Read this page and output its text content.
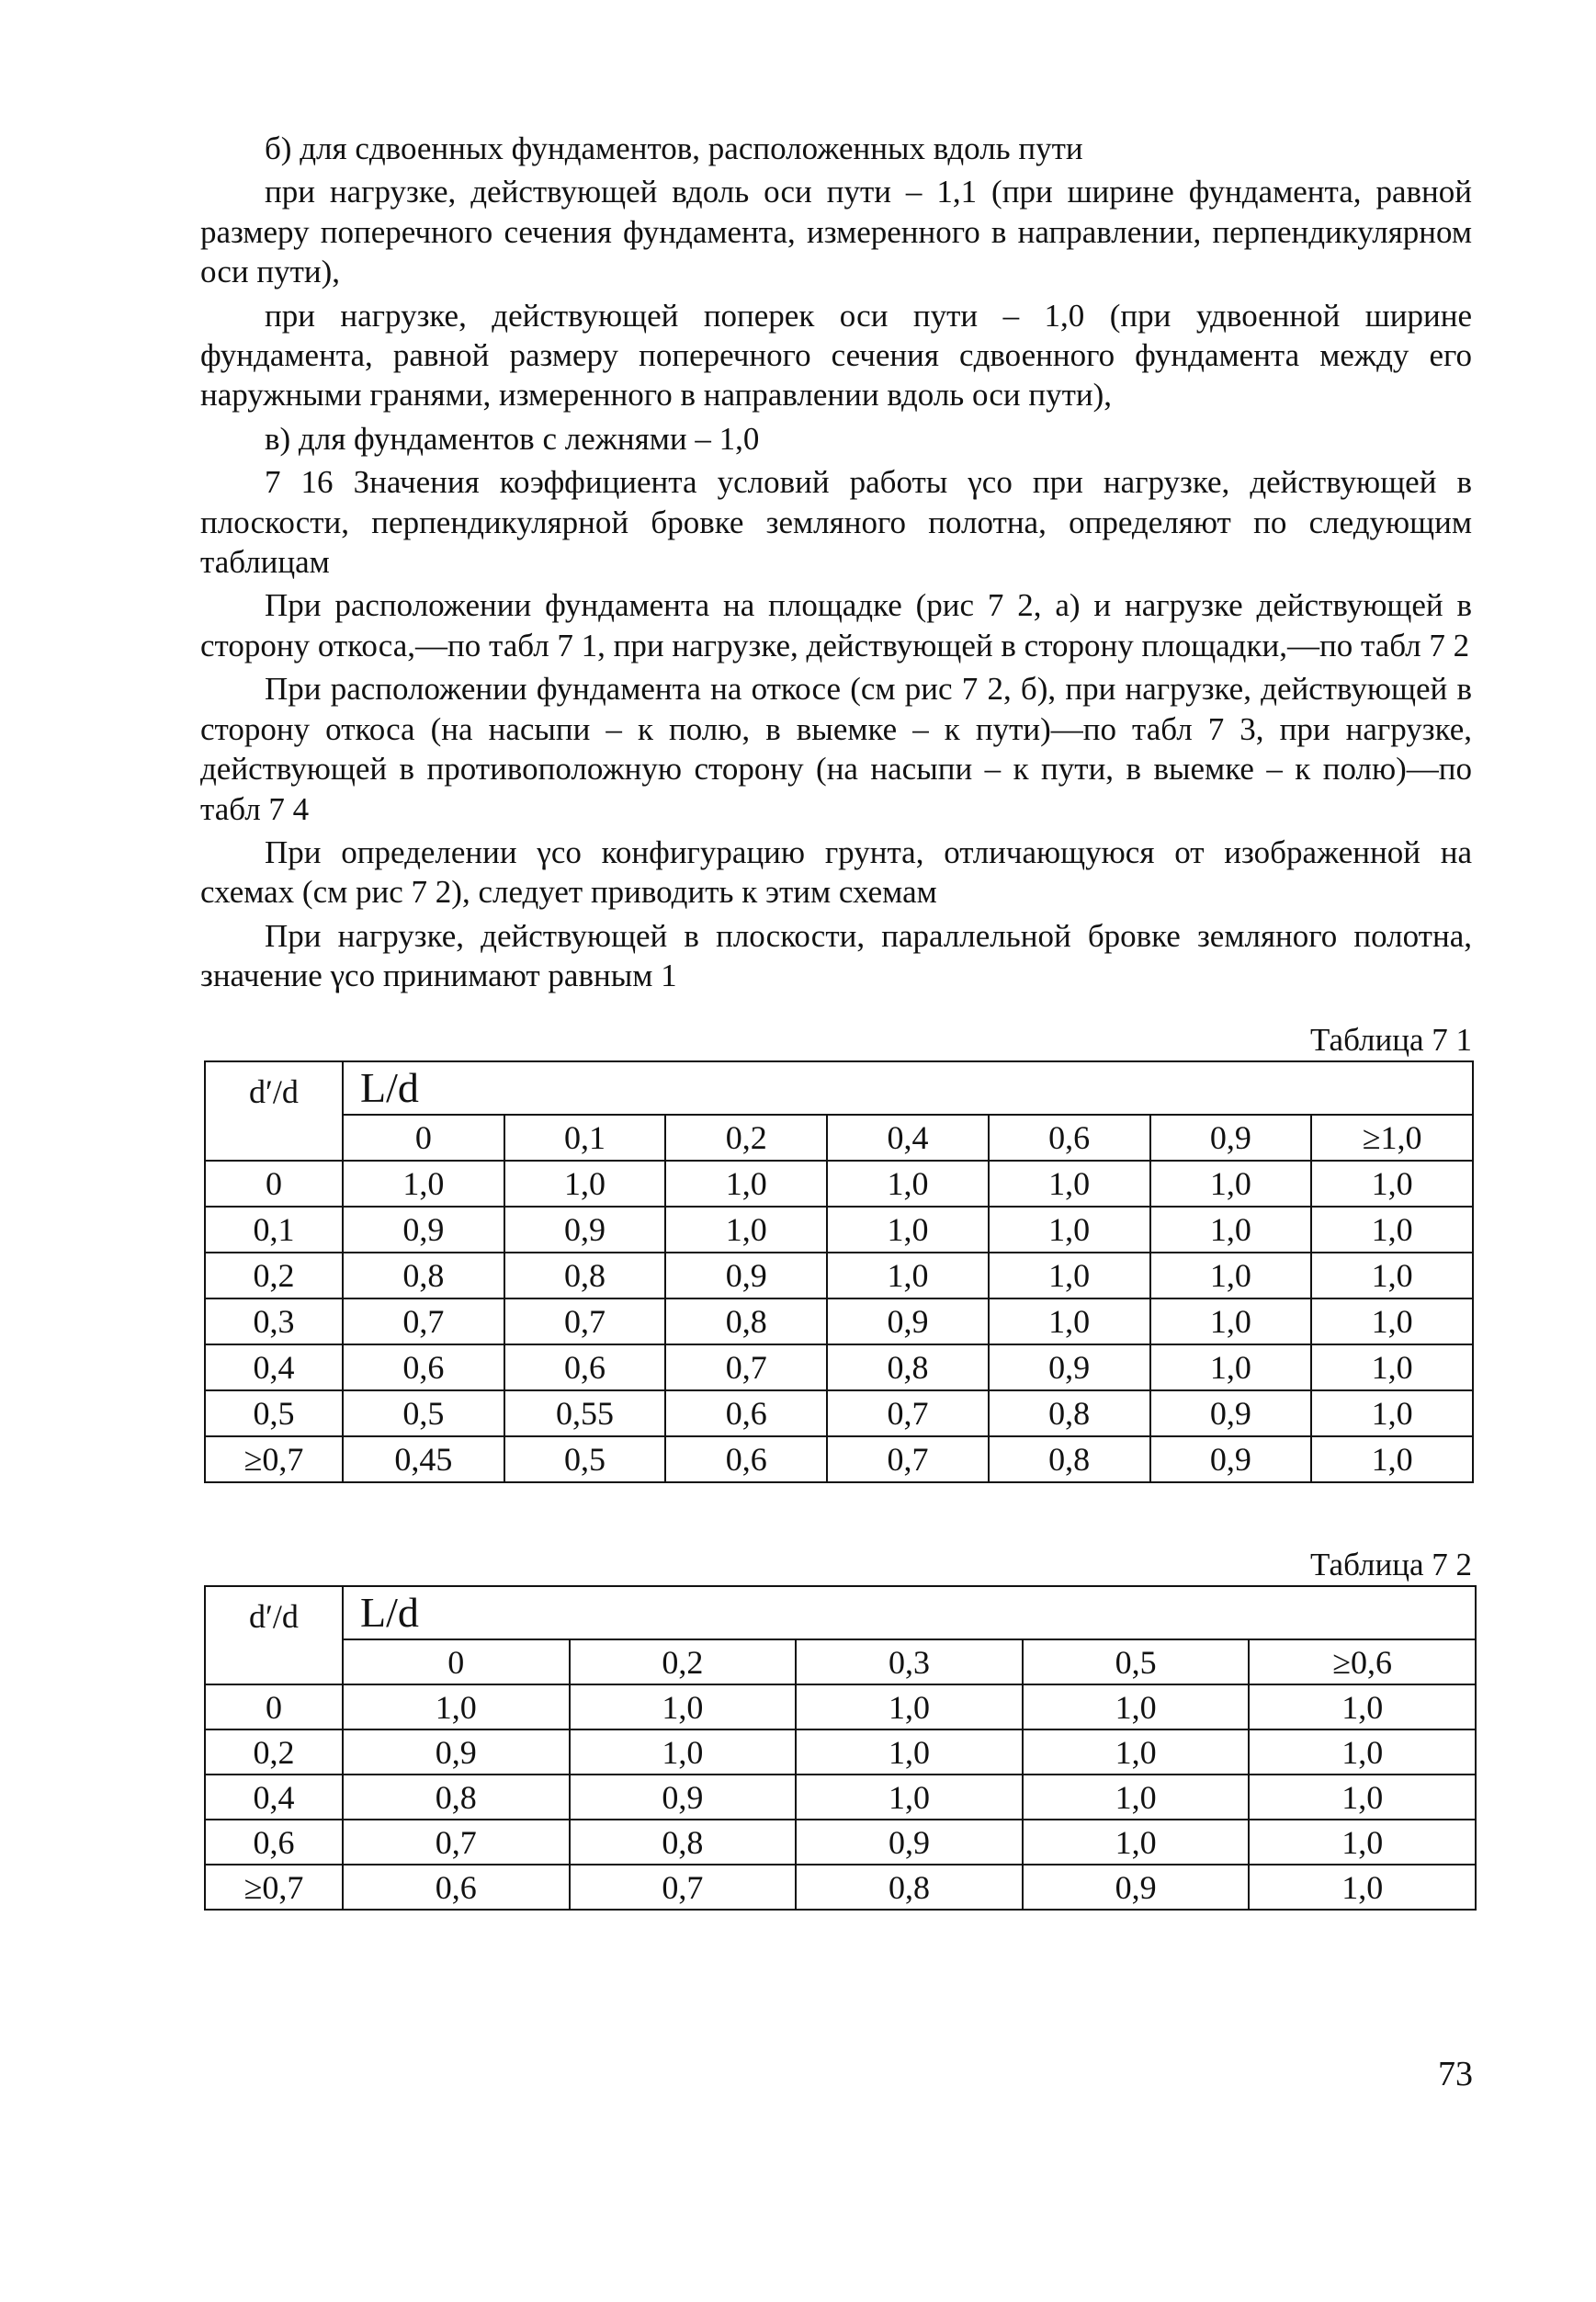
б) для сдвоенных фундаментов, расположенных вдоль пути

при нагрузке, действующей вдоль оси пути – 1,1 (при ширине фундамента, равной размеру поперечного сечения фундамента, измеренного в направлении, перпендикулярном оси пути),

при нагрузке, действующей поперек оси пути – 1,0 (при удвоенной ширине фундамента, равной размеру поперечного сечения сдвоенного фундамента между его наружными гранями, измеренного в направлении вдоль оси пути),

в) для фундаментов с лежнями – 1,0

7 16 Значения коэффициента условий работы γco при нагрузке, действующей в плоскости, перпендикулярной бровке земляного полотна, определяют по следующим таблицам

При расположении фундамента на площадке (рис 7 2, а) и нагрузке действующей в сторону откоса,—по табл 7 1, при нагрузке, действующей в сторону площадки,—по табл 7 2

При расположении фундамента на откосе (см рис 7 2, б), при нагрузке, действующей в сторону откоса (на насыпи – к полю, в выемке – к пути)—по табл 7 3, при нагрузке, действующей в противоположную сторону (на насыпи – к пути, в выемке – к полю)—по табл 7 4

При определении γco конфигурацию грунта, отличающуюся от изображенной на схемах (см рис 7 2), следует приводить к этим схемам

При нагрузке, действующей в плоскости, параллельной бровке земляного полотна, значение γco принимают равным 1

Таблица 7 1
d′/d	L/d						
	0	0,1	0,2	0,4	0,6	0,9	≥1,0
0	1,0	1,0	1,0	1,0	1,0	1,0	1,0
0,1	0,9	0,9	1,0	1,0	1,0	1,0	1,0
0,2	0,8	0,8	0,9	1,0	1,0	1,0	1,0
0,3	0,7	0,7	0,8	0,9	1,0	1,0	1,0
0,4	0,6	0,6	0,7	0,8	0,9	1,0	1,0
0,5	0,5	0,55	0,6	0,7	0,8	0,9	1,0
≥0,7	0,45	0,5	0,6	0,7	0,8	0,9	1,0
Таблица 7 2
d′/d	L/d				
	0	0,2	0,3	0,5	≥0,6
0	1,0	1,0	1,0	1,0	1,0
0,2	0,9	1,0	1,0	1,0	1,0
0,4	0,8	0,9	1,0	1,0	1,0
0,6	0,7	0,8	0,9	1,0	1,0
≥0,7	0,6	0,7	0,8	0,9	1,0
73
